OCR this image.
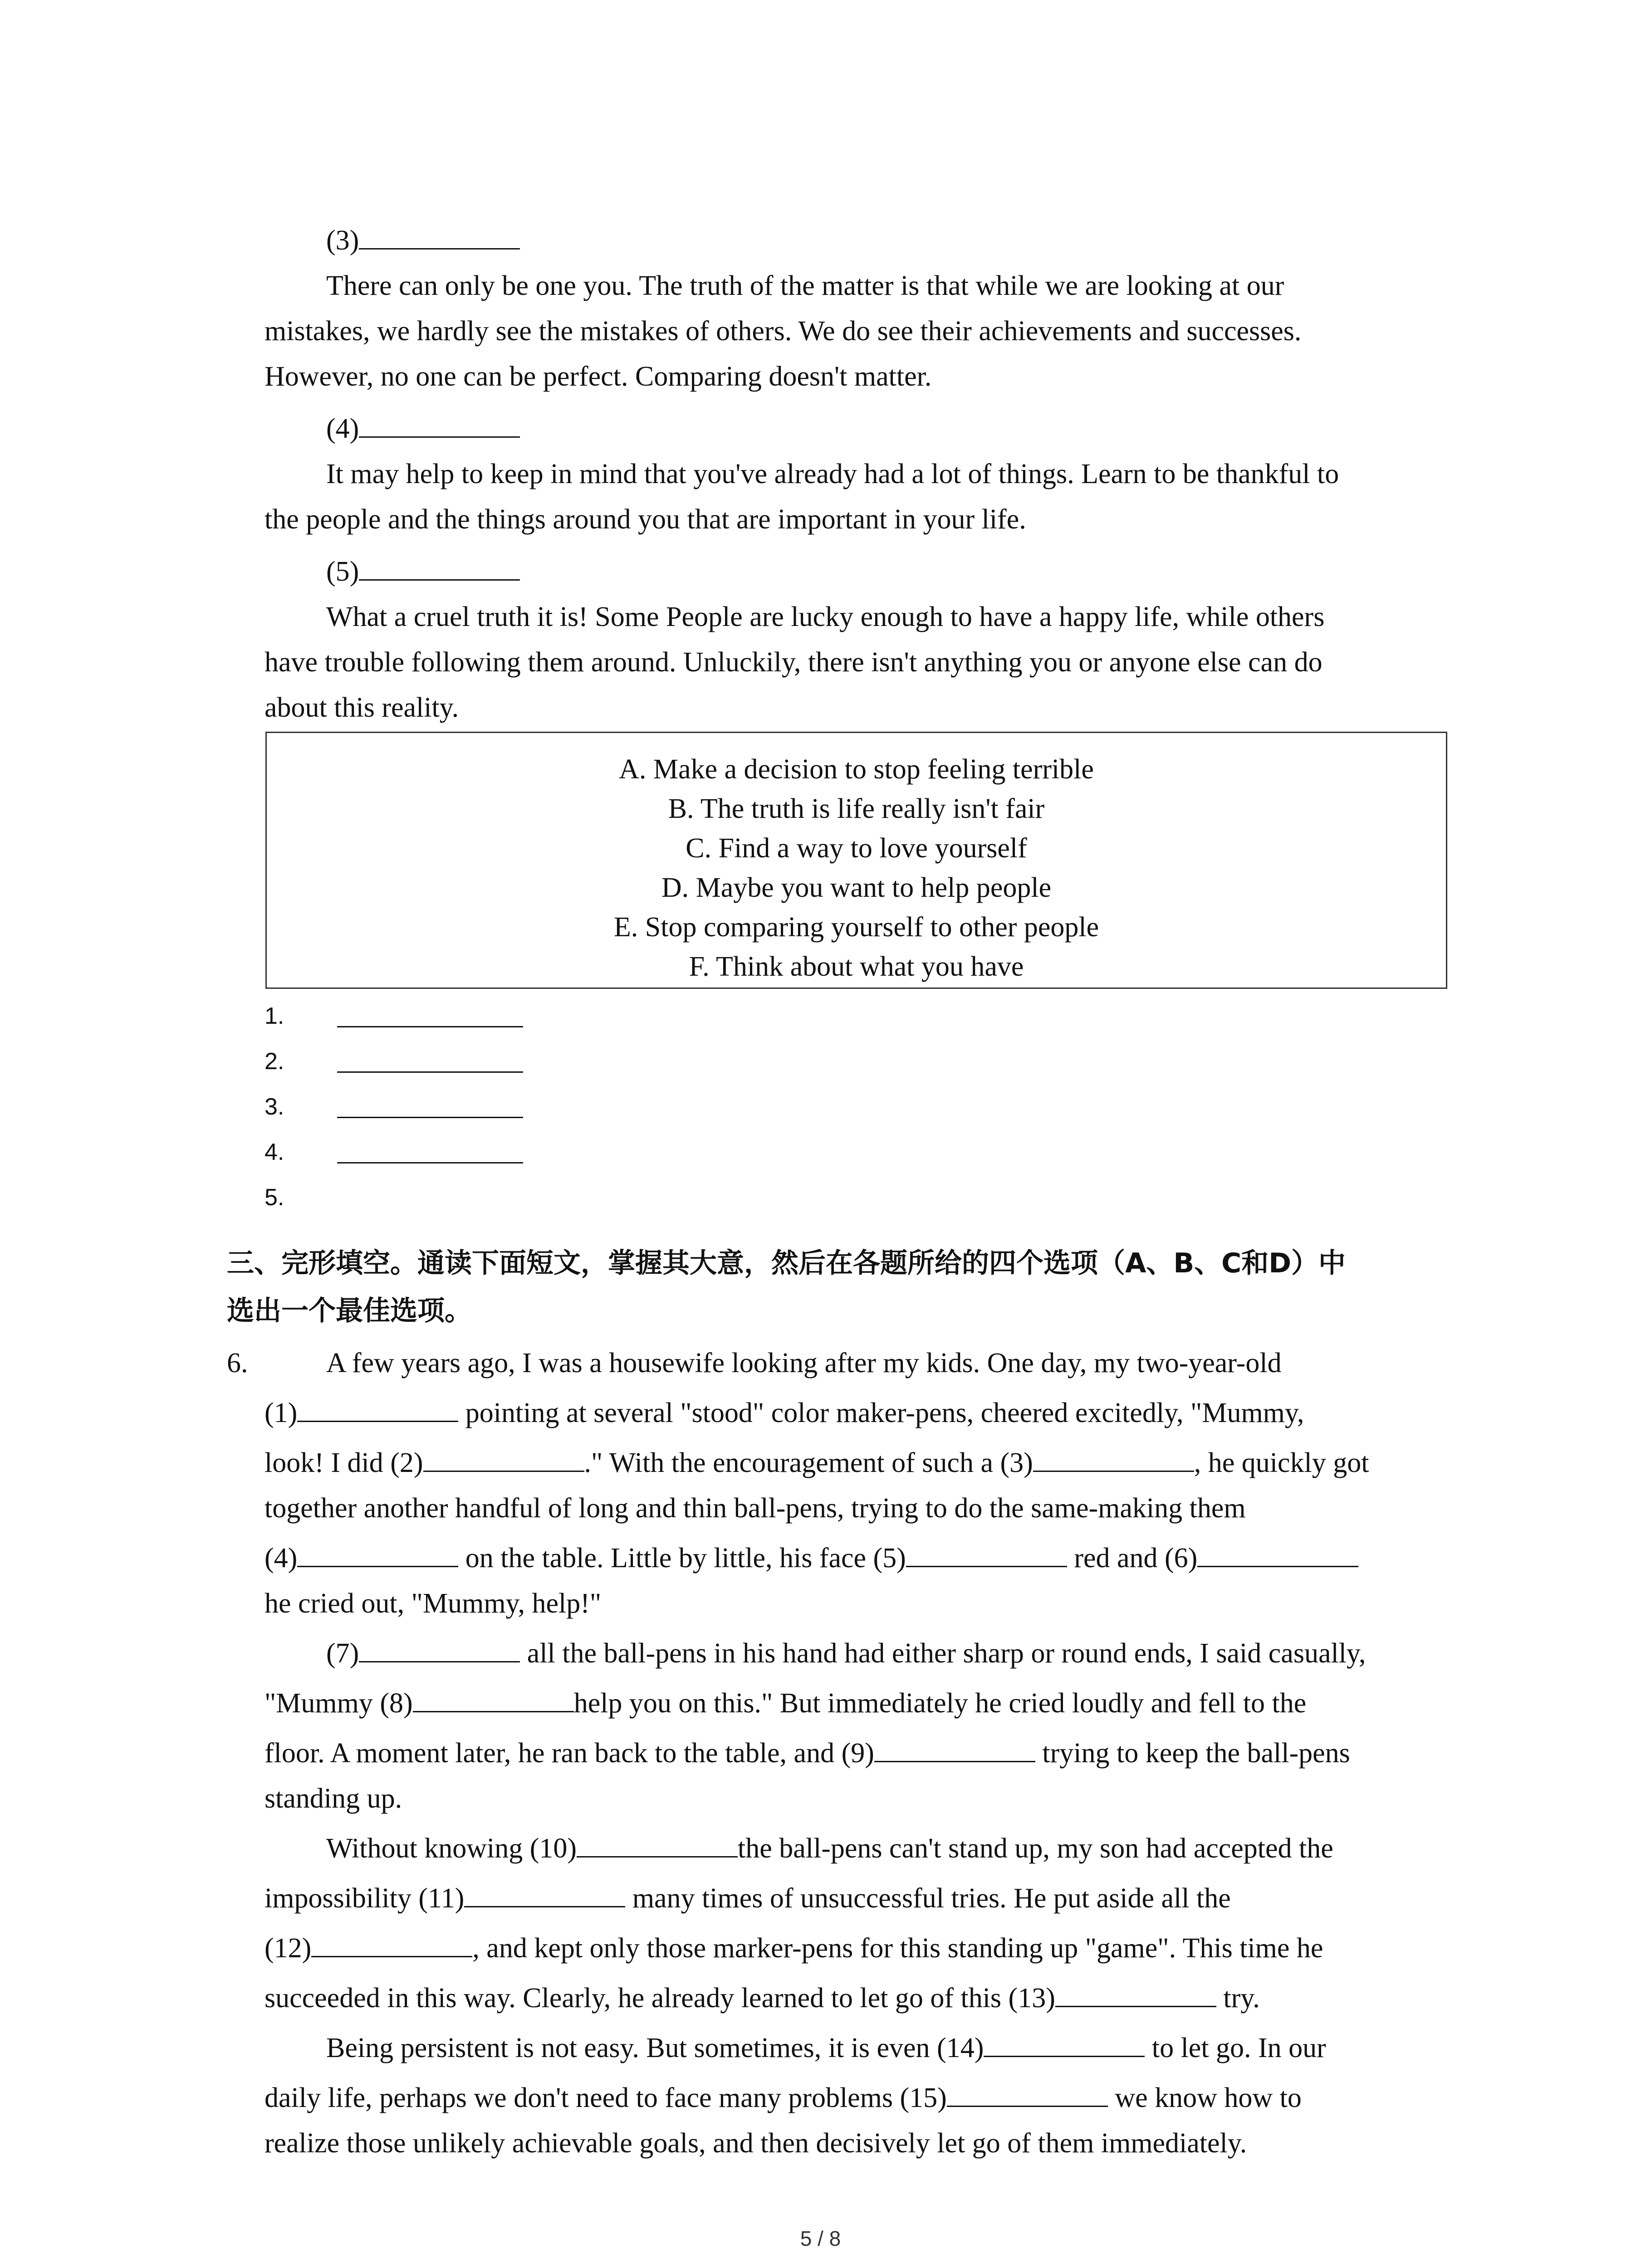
(3)
There can only be one you. The truth of the matter is that while we are looking at our
mistakes, we hardly see the mistakes of others. We do see their achievements and successes.
However, no one can be perfect. Comparing doesn't matter.
(4)
It may help to keep in mind that you've already had a lot of things. Learn to be thankful to
the people and the things around you that are important in your life.
(5)
What a cruel truth it is! Some People are lucky enough to have a happy life, while others
have trouble following them around. Unluckily, there isn't anything you or anyone else can do
about this reality.
A. Make a decision to stop feeling terrible
B. The truth is life really isn't fair
C. Find a way to love yourself
D. Maybe you want to help people
E. Stop comparing yourself to other people
F. Think about what you have
1.
2.
3.
4.
5.
三、完形填空。通读下面短文，掌握其大意，然后在各题所给的四个选项（A、B、C和D）中
选出一个最佳选项。
6.	A few years ago, I was a housewife looking after my kids. One day, my two-year-old
(1)	pointing at several "stood" color maker-pens, cheered excitedly, "Mummy,
look! I did (2)	." With the encouragement of such a (3)	, he quickly got
together another handful of long and thin ball-pens, trying to do the same-making them
(4)	on the table. Little by little, his face (5)	red and (6)
he cried out, "Mummy, help!"
(7)	all the ball-pens in his hand had either sharp or round ends, I said casually,
"Mummy (8)	help you on this." But immediately he cried loudly and fell to the
floor. A moment later, he ran back to the table, and (9)	trying to keep the ball-pens
standing up.
Without knowing (10)	the ball-pens can't stand up, my son had accepted the
impossibility (11)	many times of unsuccessful tries. He put aside all the
(12)	, and kept only those marker-pens for this standing up "game". This time he
succeeded in this way. Clearly, he already learned to let go of this (13)	try.
Being persistent is not easy. But sometimes, it is even (14)	to let go. In our
daily life, perhaps we don't need to face many problems (15)	we know how to
realize those unlikely achievable goals, and then decisively let go of them immediately.
5 / 8
